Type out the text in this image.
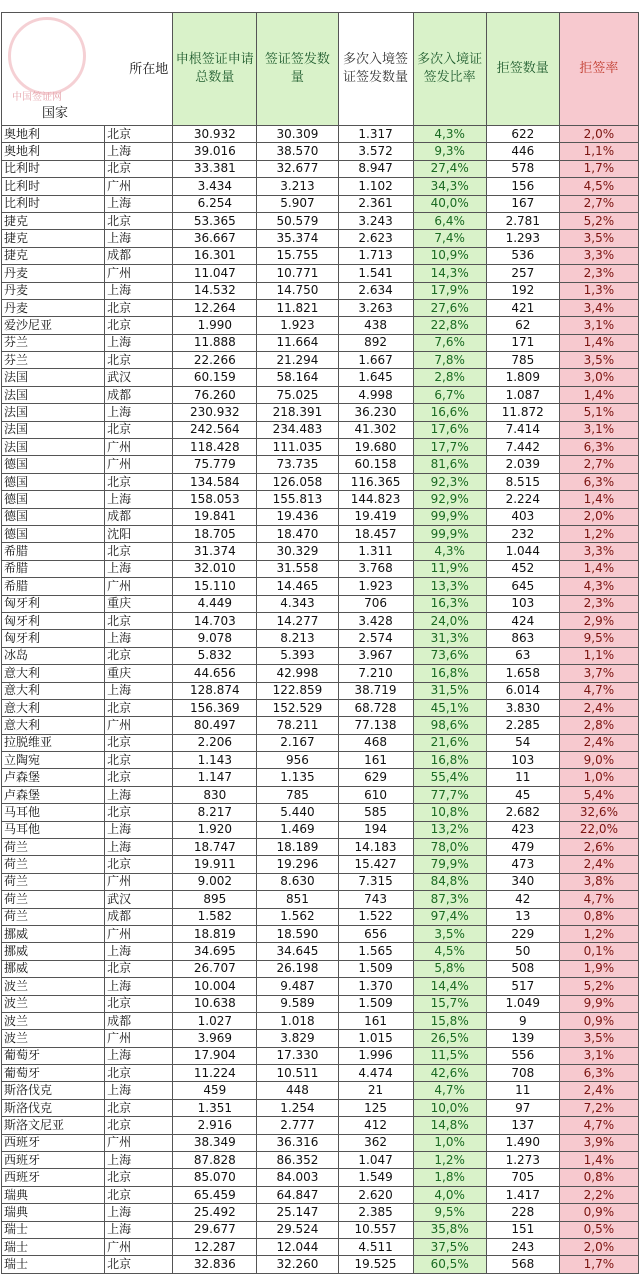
中国签证网
所在地
国家		申根签证申请总数量	签证签发数量	多次入境签证签发数量	多次入境证签发比率	拒签数量	拒签率
奥地利	北京	30.932	30.309	1.317	4,3%	622	2,0%
奥地利	上海	39.016	38.570	3.572	9,3%	446	1,1%
比利时	北京	33.381	32.677	8.947	27,4%	578	1,7%
比利时	广州	3.434	3.213	1.102	34,3%	156	4,5%
比利时	上海	6.254	5.907	2.361	40,0%	167	2,7%
捷克	北京	53.365	50.579	3.243	6,4%	2.781	5,2%
捷克	上海	36.667	35.374	2.623	7,4%	1.293	3,5%
捷克	成都	16.301	15.755	1.713	10,9%	536	3,3%
丹麦	广州	11.047	10.771	1.541	14,3%	257	2,3%
丹麦	上海	14.532	14.750	2.634	17,9%	192	1,3%
丹麦	北京	12.264	11.821	3.263	27,6%	421	3,4%
爱沙尼亚	北京	1.990	1.923	438	22,8%	62	3,1%
芬兰	上海	11.888	11.664	892	7,6%	171	1,4%
芬兰	北京	22.266	21.294	1.667	7,8%	785	3,5%
法国	武汉	60.159	58.164	1.645	2,8%	1.809	3,0%
法国	成都	76.260	75.025	4.998	6,7%	1.087	1,4%
法国	上海	230.932	218.391	36.230	16,6%	11.872	5,1%
法国	北京	242.564	234.483	41.302	17,6%	7.414	3,1%
法国	广州	118.428	111.035	19.680	17,7%	7.442	6,3%
德国	广州	75.779	73.735	60.158	81,6%	2.039	2,7%
德国	北京	134.584	126.058	116.365	92,3%	8.515	6,3%
德国	上海	158.053	155.813	144.823	92,9%	2.224	1,4%
德国	成都	19.841	19.436	19.419	99,9%	403	2,0%
德国	沈阳	18.705	18.470	18.457	99,9%	232	1,2%
希腊	北京	31.374	30.329	1.311	4,3%	1.044	3,3%
希腊	上海	32.010	31.558	3.768	11,9%	452	1,4%
希腊	广州	15.110	14.465	1.923	13,3%	645	4,3%
匈牙利	重庆	4.449	4.343	706	16,3%	103	2,3%
匈牙利	北京	14.703	14.277	3.428	24,0%	424	2,9%
匈牙利	上海	9.078	8.213	2.574	31,3%	863	9,5%
冰岛	北京	5.832	5.393	3.967	73,6%	63	1,1%
意大利	重庆	44.656	42.998	7.210	16,8%	1.658	3,7%
意大利	上海	128.874	122.859	38.719	31,5%	6.014	4,7%
意大利	北京	156.369	152.529	68.728	45,1%	3.830	2,4%
意大利	广州	80.497	78.211	77.138	98,6%	2.285	2,8%
拉脱维亚	北京	2.206	2.167	468	21,6%	54	2,4%
立陶宛	北京	1.143	956	161	16,8%	103	9,0%
卢森堡	北京	1.147	1.135	629	55,4%	11	1,0%
卢森堡	上海	830	785	610	77,7%	45	5,4%
马耳他	北京	8.217	5.440	585	10,8%	2.682	32,6%
马耳他	上海	1.920	1.469	194	13,2%	423	22,0%
荷兰	上海	18.747	18.189	14.183	78,0%	479	2,6%
荷兰	北京	19.911	19.296	15.427	79,9%	473	2,4%
荷兰	广州	9.002	8.630	7.315	84,8%	340	3,8%
荷兰	武汉	895	851	743	87,3%	42	4,7%
荷兰	成都	1.582	1.562	1.522	97,4%	13	0,8%
挪威	广州	18.819	18.590	656	3,5%	229	1,2%
挪威	上海	34.695	34.645	1.565	4,5%	50	0,1%
挪威	北京	26.707	26.198	1.509	5,8%	508	1,9%
波兰	上海	10.004	9.487	1.370	14,4%	517	5,2%
波兰	北京	10.638	9.589	1.509	15,7%	1.049	9,9%
波兰	成都	1.027	1.018	161	15,8%	9	0,9%
波兰	广州	3.969	3.829	1.015	26,5%	139	3,5%
葡萄牙	上海	17.904	17.330	1.996	11,5%	556	3,1%
葡萄牙	北京	11.224	10.511	4.474	42,6%	708	6,3%
斯洛伐克	上海	459	448	21	4,7%	11	2,4%
斯洛伐克	北京	1.351	1.254	125	10,0%	97	7,2%
斯洛文尼亚	北京	2.916	2.777	412	14,8%	137	4,7%
西班牙	广州	38.349	36.316	362	1,0%	1.490	3,9%
西班牙	上海	87.828	86.352	1.047	1,2%	1.273	1,4%
西班牙	北京	85.070	84.003	1.549	1,8%	705	0,8%
瑞典	北京	65.459	64.847	2.620	4,0%	1.417	2,2%
瑞典	上海	25.492	25.147	2.385	9,5%	228	0,9%
瑞士	上海	29.677	29.524	10.557	35,8%	151	0,5%
瑞士	广州	12.287	12.044	4.511	37,5%	243	2,0%
瑞士	北京	32.836	32.260	19.525	60,5%	568	1,7%
